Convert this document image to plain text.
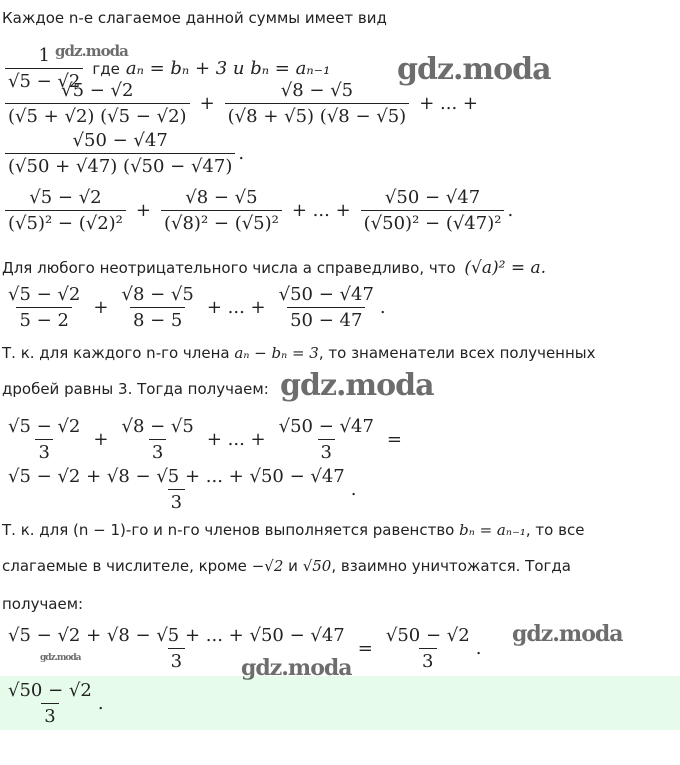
Каждое n-е слагаемое данной суммы имеет вид
$\frac{1}{√5 - √2}$ где aₙ = bₙ + 3 и bₙ = aₙ₋₁
$\frac{√5 - √2}{(√5 + √2) (√5 - √2)} + \frac{√8 - √5}{(√8 + √5) (√8 - √5)}$ + ... +
$\frac{√50 - √47}{(√50 + √47) (√50 - √47)}$ .
$\frac{√5 - √2}{\text{(√5)² − (√2)²}} + \frac{√8 - √5}{\text{(√8)² − (√5)²}}$ + ... + $\frac{√50 - √47}{\text{(√50)² − (√47)²}}$ .
Для любого неотрицательного числа a справедливо, что (√a)² = a.
$\frac{√5 - √2}{5 - 2} + \frac{√8 - √5}{8 - 5}$ + ... + $\frac{√50 - √47}{50 - 47}$ .
Т. к. для каждого n-го члена aₙ − bₙ = 3, то знаменатели всех полученных
дробей равны 3. Тогда получаем:
$\frac{√5 - √2}{3} + \frac{√8 - √5}{3}$ + ... + $\frac{√50 - √47}{3}$ =
$\frac{√5 - √2 + √8 - √5 + ... + √50 - √47}{3}$ .
Т. к. для (n − 1)-го и n-го членов выполняется равенство bₙ = aₙ₋₁, то все
слагаемые в числителе, кроме −√2 и √50, взаимно уничтожатся. Тогда
получаем:
$\frac{√5 - √2 + √8 - √5 + ... + √50 - √47}{3} = \frac{√50 - √2}{3}$ .
$\frac{√50 - √2}{3}$ .
gdz.moda
gdz.moda
gdz.moda
gdz.moda
gdz.moda
gdz.moda
